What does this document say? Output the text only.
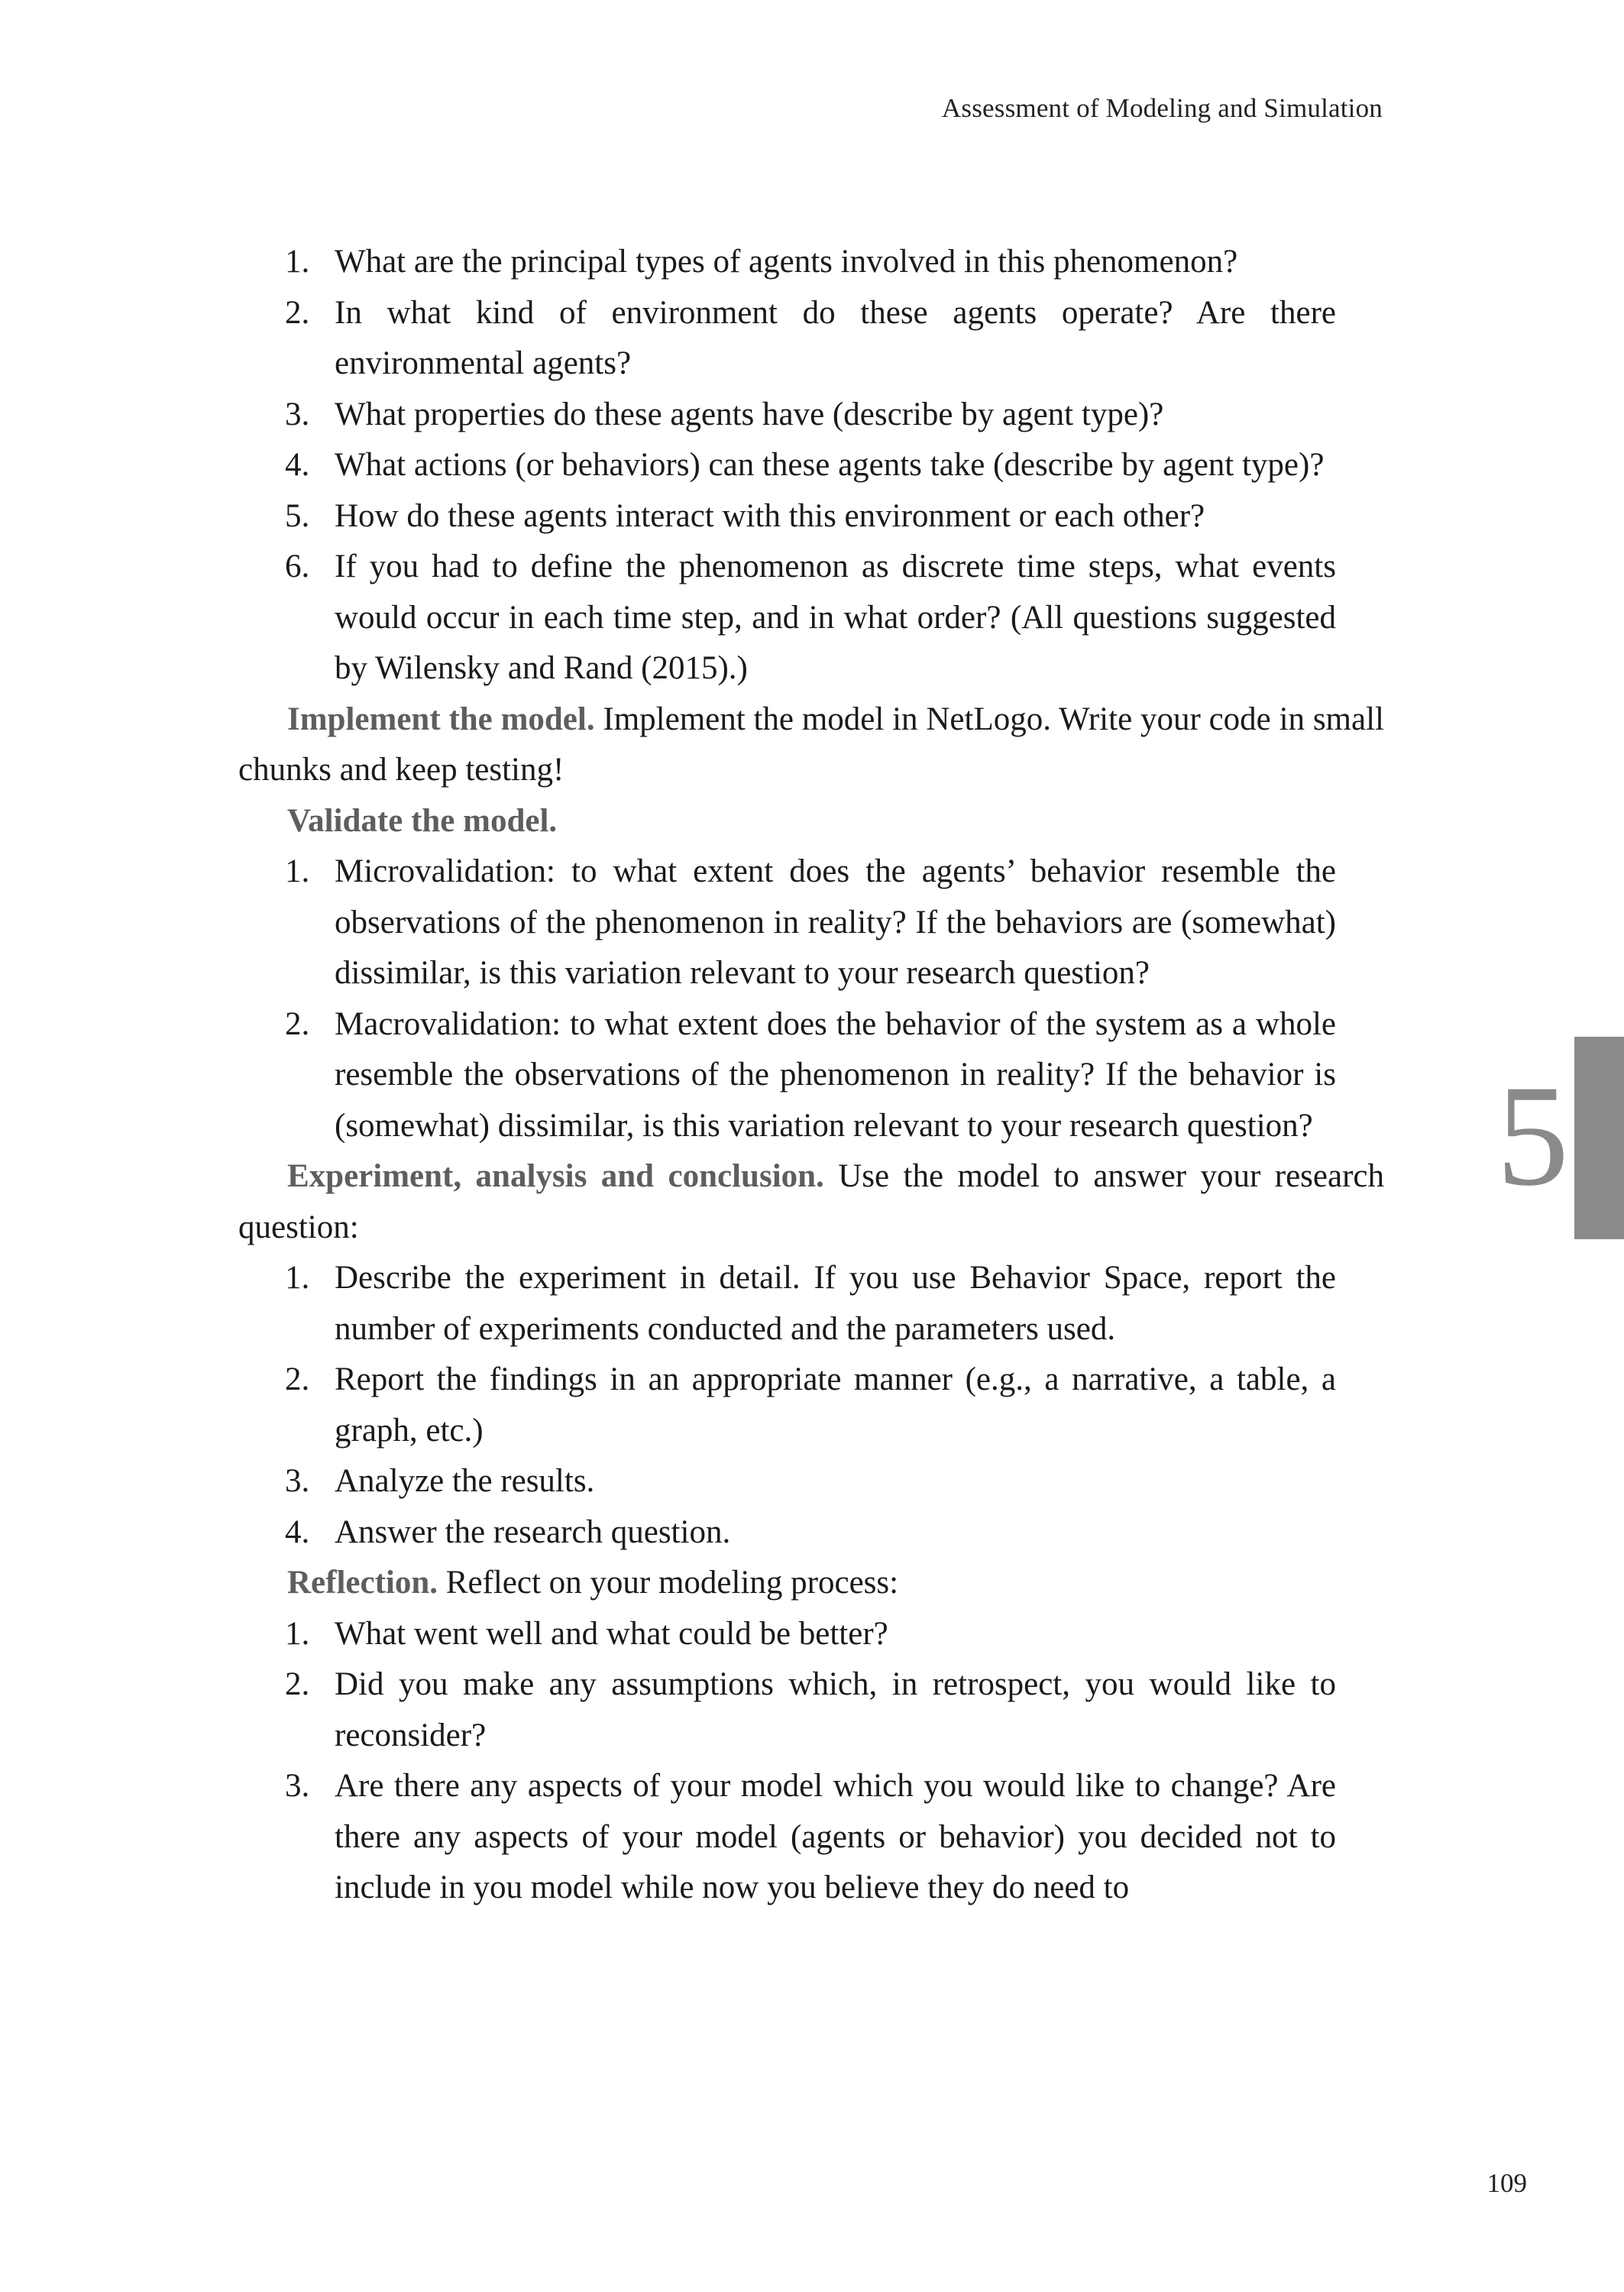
Assessment of Modeling and Simulation
1. What are the principal types of agents involved in this phenomenon?
2. In what kind of environment do these agents operate? Are there environmental agents?
3. What properties do these agents have (describe by agent type)?
4. What actions (or behaviors) can these agents take (describe by agent type)?
5. How do these agents interact with this environment or each other?
6. If you had to define the phenomenon as discrete time steps, what events would occur in each time step, and in what order? (All questions suggested by Wilensky and Rand (2015).)

Implement the model. Implement the model in NetLogo. Write your code in small chunks and keep testing!

Validate the model.

1. Microvalidation: to what extent does the agents’ behavior resemble the observations of the phenomenon in reality? If the behaviors are (somewhat) dissimilar, is this variation relevant to your research question?
2. Macrovalidation: to what extent does the behavior of the system as a whole resemble the observations of the phenomenon in reality? If the behavior is (somewhat) dissimilar, is this variation relevant to your research question?

Experiment, analysis and conclusion. Use the model to answer your research question:

1. Describe the experiment in detail. If you use Behavior Space, report the number of experiments conducted and the parameters used.
2. Report the findings in an appropriate manner (e.g., a narrative, a table, a graph, etc.)
3. Analyze the results.
4. Answer the research question.

Reflection. Reflect on your modeling process:

1. What went well and what could be better?
2. Did you make any assumptions which, in retrospect, you would like to reconsider?
3. Are there any aspects of your model which you would like to change? Are there any aspects of your model (agents or behavior) you decided not to include in you model while now you believe they do need to
5
109
